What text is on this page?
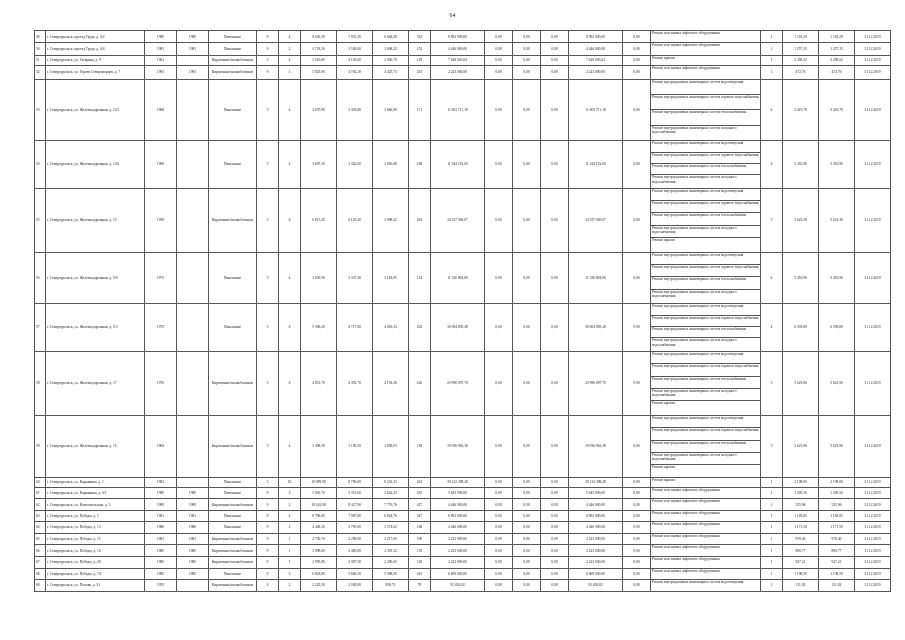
64
49	г. Североуральск, проезд Труда, д. 4/2	1980	1980	Панельные	9	4	8 636,50	7 951,30	6 648,28	352	8 892 000,00	0,00	0,00	0,00	8 892 000,00	0,00	Ремонт или замена лифтового оборудования	1	1 118,29	1 118,29	31.12.2019
50	г. Североуральск, проезд Труда, д. 4/4	1981	1981	Панельные	9	2	4 718,20	3 536,00	3 048,22	152	4 446 000,00	0,00	0,00	0,00	4 446 000,00	0,00	Ремонт или замена лифтового оборудования	1	1 257,35	1 257,35	31.12.2019
51	г. Североуральск, ул. Гагарина, д. 9	1961		Кирпичные/шлакоблочные	3	4	3 516,80	3 102,60	2 946,70	129	7 628 003,04	0,00	0,00	0,00	7 628 003,04	0,00	Ремонт крыши	1	2 458,52	2 458,52	31.12.2019
52	г. Североуральск, ул. Героев Североморцев, д. 7	1993	1993	Кирпичные/шлакоблочные	9	1	5 025,00	4 702,20	4 425,73	253	2 223 000,00	0,00	0,00	0,00	2 223 000,00	0,00	Ремонт или замена лифтового оборудования	1	472,76	472,76	31.12.2019
53	г. Североуральск, ул. Железнодорожная, д. 13/1	1968		Панельные	5	4	3 670,90	3 393,80	3 666,90	171	11 603 711,18	0,00	0,00	0,00	11 603 711,18	0,00	Ремонт внутридомовых инженерных систем водоотведения
Ремонт внутридомовых инженерных систем горячего водоснабжения
Ремонт внутридомовых инженерных систем теплоснабжения
Ремонт внутридомовых инженерных систем холодного водоснабжения	4	3 419,78	3 419,78	31.12.2019
54	г. Североуральск, ул. Железнодорожная, д. 14А	1969		Панельные	5	4	3 697,50	3 342,60	3 065,68	168	11 544 192,60	0,00	0,00	0,00	11 544 192,60	0,00	Ремонт внутридомовых инженерных систем водоотведения
Ремонт внутридомовых инженерных систем горячего водоснабжения
Ремонт внутридомовых инженерных систем теплоснабжения
Ремонт внутридомовых инженерных систем холодного водоснабжения	4	3 453,96	3 453,96	31.12.2019
55	г. Североуральск, ул. Железнодорожная, д. 15	1959		Кирпичные/шлакоблочные	3	6	6 815,20	6 145,40	5 998,32	263	34 557 949,07	0,00	0,00	0,00	34 557 949,07	0,00	Ремонт внутридомовых инженерных систем водоотведения
Ремонт внутридомовых инженерных систем горячего водоснабжения
Ремонт внутридомовых инженерных систем теплоснабжения
Ремонт внутридомовых инженерных систем холодного водоснабжения
Ремонт крыши	5	5 623,38	5 623,38	31.12.2019
56	г. Североуральск, ул. Железнодорожная, д. 5/9	1973		Панельные	5	4	3 639,50	3 337,30	3 163,05	134	11 526 804,06	0,00	0,00	0,00	11 526 804,06	0,00	Ремонт внутридомовых инженерных систем водоотведения
Ремонт внутридомовых инженерных систем горячего водоснабжения
Ремонт внутридомовых инженерных систем теплоснабжения
Ремонт внутридомовых инженерных систем холодного водоснабжения	4	3 453,96	3 453,96	31.12.2019
57	г. Североуральск, ул. Железнодорожная, д. 5/3	1975		Панельные	5	6	5 306,20	4 717,00	4 063,34	202	30 004 805,28	0,00	0,00	0,00	30 004 805,28	0,00	Ремонт внутридомовых инженерных систем водоотведения
Ремонт внутридомовых инженерных систем горячего водоснабжения
Ремонт внутридомовых инженерных систем теплоснабжения
Ремонт внутридомовых инженерных систем холодного водоснабжения	4	6 393,80	6 393,80	31.12.2019
58	г. Североуральск, ул. Железнодорожная, д. 17	1970		Кирпичные/шлакоблочные	5	6	4 851,70	4 391,70	4 193,36	226	23 990 097,70	0,00	0,00	0,00	23 990 097,70	0,00	Ремонт внутридомовых инженерных систем водоотведения
Ремонт внутридомовых инженерных систем горячего водоснабжения
Ремонт внутридомовых инженерных систем теплоснабжения
Ремонт внутридомовых инженерных систем холодного водоснабжения
Ремонт крыши	5	5 623,96	5 623,96	31.12.2019
59	г. Североуральск, ул. Железнодорожная, д. 15	1964		Кирпичные/шлакоблочные	5	4	3 498,30	3 196,50	2 858,03	138	19 936 963,38	0,00	0,00	0,00	19 936 963,38	0,00	Ремонт внутридомовых инженерных систем водоотведения
Ремонт внутридомовых инженерных систем горячего водоснабжения
Ремонт внутридомовых инженерных систем теплоснабжения
Ремонт внутридомовых инженерных систем холодного водоснабжения
Ремонт крыши	5	5 623,96	5 623,96	31.12.2019
60	г. Североуральск, ул. Каржавина, д. 1	1982		Панельные	5	10	10 099,90	8 796,00	8 232,33	423	39 132 398,28	0,00	0,00	0,00	39 132 398,28	0,00	Ремонт крыши	1	2 198,00	2 198,00	31.12.2019
61	г. Североуральск, ул. Каржавина, д. 6/1	1980	1980	Панельные	9	3	5 945,70	5 351,60	3 642,23	235	5 643 000,00	0,00	0,00	0,00	5 643 000,00	0,00	Ремонт или замена лифтового оборудования	1	1 305,56	1 305,56	31.12.2019
62	г. Североуральск, ул. Комсомольская, д. 3	1989	1989	Кирпичные/шлакоблочные	9	2	10 162,00	8 427,90	7 776,76	427	4 446 000,00	0,00	0,00	0,00	4 446 000,00	0,00	Ремонт или замена лифтового оборудования	1	525,96	525,96	31.12.2019
63	г. Североуральск, ул. Победы, д. 1	1981	1981	Панельные	9	4	8 796,00	7 987,80	6 824,76	347	8 892 000,00	0,00	0,00	0,00	8 892 000,00	0,00	Ремонт или замена лифтового оборудования	1	1 185,85	1 185,85	31.12.2019
64	г. Североуральск, ул. Победы, д. 13	1980	1980	Панельные	9	2	4 448,30	3 795,00	3 574,02	168	4 446 000,00	0,00	0,00	0,00	4 446 000,00	0,00	Ремонт или замена лифтового оборудования	1	1 171,50	1 171,50	31.12.2019
65	г. Североуральск, ул. Победы, д. 15	1981	1981	Кирпичные/шлакоблочные	9	1	2 730,70	2 296,00	2 217,00	106	2 223 000,00	0,00	0,00	0,00	2 223 000,00	0,00	Ремонт или замена лифтового оборудования	1	970,40	970,40	31.12.2019
66	г. Североуральск, ул. Победы, д. 16	1985	1985	Кирпичные/шлакоблочные	9	1	3 098,00	2 485,00	2 391,32	139	2 223 000,00	0,00	0,00	0,00	2 223 000,00	0,00	Ремонт или замена лифтового оборудования	1	890,77	890,77	31.12.2019
67	г. Североуральск, ул. Победы, д. 20	1985	1985	Кирпичные/шлакоблочные	9	1	2 995,80	2 397,50	2 296,65	120	2 223 000,00	0,00	0,00	0,00	2 223 000,00	0,00	Ремонт или замена лифтового оборудования	1	927,21	927,21	31.12.2019
68	г. Североуральск, ул. Победы, д. 7А	1985	1985	Панельные	9	3	6 843,80	5 666,50	5 388,20	261	6 669 000,00	0,00	0,00	0,00	6 669 000,00	0,00	Ремонт или замена лифтового оборудования	1	1 198,50	1 198,50	31.12.2019
69	г. Североуральск, ул. Попова, д. 31	1955		Кирпичные/шлакоблочные	4	2	2 225,50	2 030,00	858,71	78	92 492,82	0,00	0,00	0,00	92 492,82	0,00	Ремонт внутридомовых инженерных систем водоотведения	1	111,02	111,02	31.12.2019
